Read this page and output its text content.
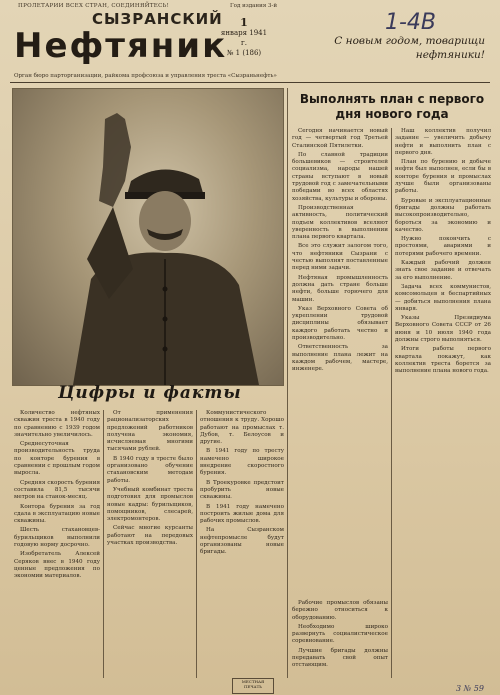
ПРОЛЕТАРИИ ВСЕХ СТРАН, СОЕДИНЯЙТЕСЬ!	Год издания 3-й
СЫЗРАНСКИЙ
Нефтяник
1
января 1941 г.
№ 1 (186)
1-4В
С новым годом, товарищи нефтяники!
Орган бюро парторганизации, райкома профсоюза и управления треста «Сызраньнефть»
Выполнять план с первого дня нового года

Сегодня начинается новый год — четвертый год Третьей Сталинской Пятилетки.

По славной традиции большевиков — строителей социализма, народы нашей страны вступают в новый трудовой год с замечательными победами во всех областях хозяйства, культуры и обороны.

Производственная активность, политический подъем коллективов вселяют уверенность в выполнении плана первого квартала.

Все это служит залогом того, что нефтяники Сызрани с честью выполнят поставленные перед ними задачи.

Нефтяная промышленность должна дать стране больше нефти, больше горючего для машин.

Указ Верховного Совета об укреплении трудовой дисциплины обязывает каждого работать честно и производительно.

Ответственность за выполнение плана лежит на каждом рабочем, мастере, инженере.

Наш коллектив получил задание — увеличить добычу нефти и выполнить план с первого дня.

План по бурению и добыче нефти был выполнен, если бы в конторе бурения и промыслах лучше были организованы работы.

Буровые и эксплуатационные бригады должны работать высокопроизводительно, бороться за экономию и качество.

Нужно покончить с простоями, авариями и потерями рабочего времени.

Каждый рабочий должен знать свое задание и отвечать за его выполнение.

Задача всех коммунистов, комсомольцев и беспартийных — добиться выполнения плана января.

Указы Президиума Верховного Совета СССР от 26 июня и 10 июля 1940 года должны строго выполняться.

Итоги работы первого квартала покажут, как коллектив треста борется за выполнение плана нового года.

Цифры и факты

Количество нефтяных скважин треста в 1940 году по сравнению с 1939 годом значительно увеличилось.

Среднесуточная производительность труда по конторе бурения в сравнении с прошлым годом выросла.

Средняя скорость бурения составила 81,5 тысячи метров на станок-месяц.

Контора бурения за год сдала в эксплуатацию новые скважины.

Шесть стахановцев-бурильщиков выполнили годовую норму досрочно.

Изобретатель Алексей Серяков внес в 1940 году ценные предложения по экономии материалов.

От применения рационализаторских предложений работников получена экономия, исчисляемая многими тысячами рублей.

В 1940 году в тресте было организовано обучение стахановским методам работы.

Учебный комбинат треста подготовил для промыслов новые кадры: бурильщиков, помощников, слесарей, электромонтеров.

Сейчас многие курсанты работают на передовых участках производства.

Коммунистического отношения к труду. Хорошо работают на промыслах т. Дубов, т. Белоусов и другие.

В 1941 году по тресту намечено широкое внедрение скоростного бурения.

В Троекуровке предстоит пробурить новые скважины.

В 1941 году намечено построить жилые дома для рабочих промыслов.

На Сызранском нефтепромысле будут организованы новые бригады.

Рабочие промыслов обязаны бережно относиться к оборудованию.

Необходимо широко развернуть социалистическое соревнование.

Лучшие бригады должны передавать свой опыт отстающим.

МЕСТНАЯ ПЕЧАТЬ	3 № 59
